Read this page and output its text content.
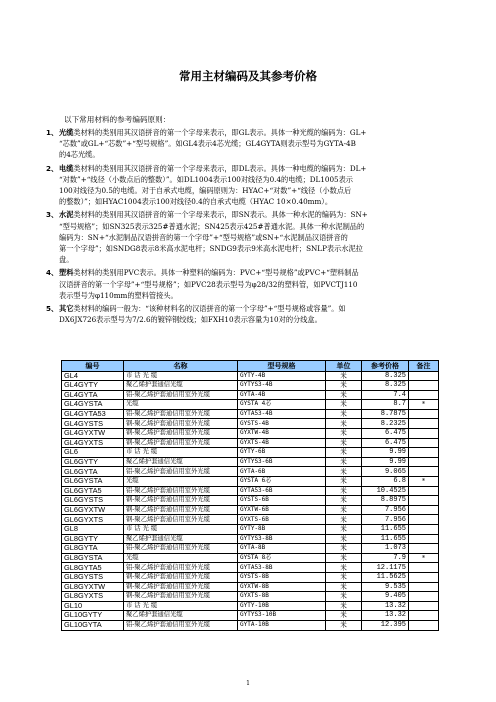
常用主材编码及其参考价格
以下常用材料的参考编码原则：
1、 光缆类材料的类别用其汉语拼音的第一个字母来表示，即GL表示。具体一种光缆的编码为：GL+
“芯数”或GL+“芯数”+“型号规格”。如GL4表示4芯光缆；GL4GYTA则表示型号为GYTA-4B
的4芯光缆。
2、 电缆类材料的类别用其汉语拼音的第一个字母来表示，即DL表示。具体一种电缆的编码为：DL+
“对数”+“线径（小数点后的整数）”。如DL1004表示100对线径为0.4的电缆；DL1005表示
100对线径为0.5的电缆。对于自承式电缆，编码原则为：HYAC+“对数”+“线径（小数点后
的整数）”；如HYAC1004表示100对线径0.4的自承式电缆（HYAC 10×0.40mm）。
3、 水泥类材料的类别用其汉语拼音的第一个字母来表示，即SN表示。具体一种水泥的编码为：SN+
“型号规格”；如SN325表示325#普通水泥；SN425表示425#普通水泥。具体一种水泥制品的
编码为：SN+“水泥制品汉语拼音的第一个字母”+“型号规格”或SN+“水泥制品汉语拼音的
第一个字母”；如SNDG8表示8米高水泥电杆；SNDG9表示9米高水泥电杆；SNLP表示水泥拉
盘。
4、 塑料类材料的类别用PVC表示。具体一种塑料的编码为：PVC+“型号规格”或PVC+“塑料制品
汉语拼音的第一个字母”+“型号规格”；如PVC28表示型号为φ28/32的塑料管，如PVCTJ110
表示型号为φ110mm的塑料管接头。
5、 其它类材料的编码一般为：“该种材料名的汉语拼音的第一个字母”+“型号规格或容量”。如
DX6JX726表示型号为7/2.6的镀锌钢绞线；如FXH10表示容量为10对的分线盒。
编号	名称	型号规格	单位	参考价格	备注
GL4	市 话 光 缆	GYTY-4B	米	8.325	
GL4GYTY	聚乙烯护套通信光缆	GYTYS3-4B	米	8.325	
GL4GYTA	铝-聚乙烯护套通信用室外光缆	GYTA-4B	米	7.4	
GL4GYSTA	光缆	GYSTA 4芯	米	8.7	*
GL4GYTA53	铝-聚乙烯护套通信用室外光缆	GYTA53-4B	米	8.7875	
GL4GYSTS	钢-聚乙烯护套通信用室外光缆	GYSTS-4B	米	8.2325	
GL4GYXTW	钢-聚乙烯护套通信用室外光缆	GYXTW-4B	米	6.475	
GL4GYXTS	钢-聚乙烯护套通信用室外光缆	GYXTS-4B	米	6.475	
GL6	市 话 光 缆	GYTY-6B	米	9.99	
GL6GYTY	聚乙烯护套通信光缆	GYTYS3-6B	米	9.99	
GL6GYTA	铝-聚乙烯护套通信用室外光缆	GYTA-6B	米	9.065	
GL6GYSTA	光缆	GYSTA 6芯	米	6.8	*
GL6GYTA5	铝-聚乙烯护套通信用室外光缆	GYTA53-6B	米	10.4525	
GL6GYSTS	钢-聚乙烯护套通信用室外光缆	GYSTS-6B	米	8.8975	
GL6GYXTW	钢-聚乙烯护套通信用室外光缆	GYXTW-6B	米	7.956	
GL6GYXTS	钢-聚乙烯护套通信用室外光缆	GYXTS-6B	米	7.956	
GL8	市 话 光 缆	GYTY-8B	米	11.655	
GL8GYTY	聚乙烯护套通信光缆	GYTYS3-8B	米	11.655	
GL8GYTA	铝-聚乙烯护套通信用室外光缆	GYTA-8B	米	1.073	
GL8GYSTA	光缆	GYSTA 8芯	米	7.9	*
GL8GYTA5	铝-聚乙烯护套通信用室外光缆	GYTA53-8B	米	12.1175	
GL8GYSTS	钢-聚乙烯护套通信用室外光缆	GYSTS-8B	米	11.5625	
GL8GYXTW	钢-聚乙烯护套通信用室外光缆	GYXTW-8B	米	9.535	
GL8GYXTS	钢-聚乙烯护套通信用室外光缆	GYXTS-8B	米	9.405	
GL10	市 话 光 缆	GYTY-10B	米	13.32	
GL10GYTY	聚乙烯护套通信光缆	GYTYS3-10B	米	13.32	
GL10GYTA	铝-聚乙烯护套通信用室外光缆	GYTA-10B	米	12.395	
1
